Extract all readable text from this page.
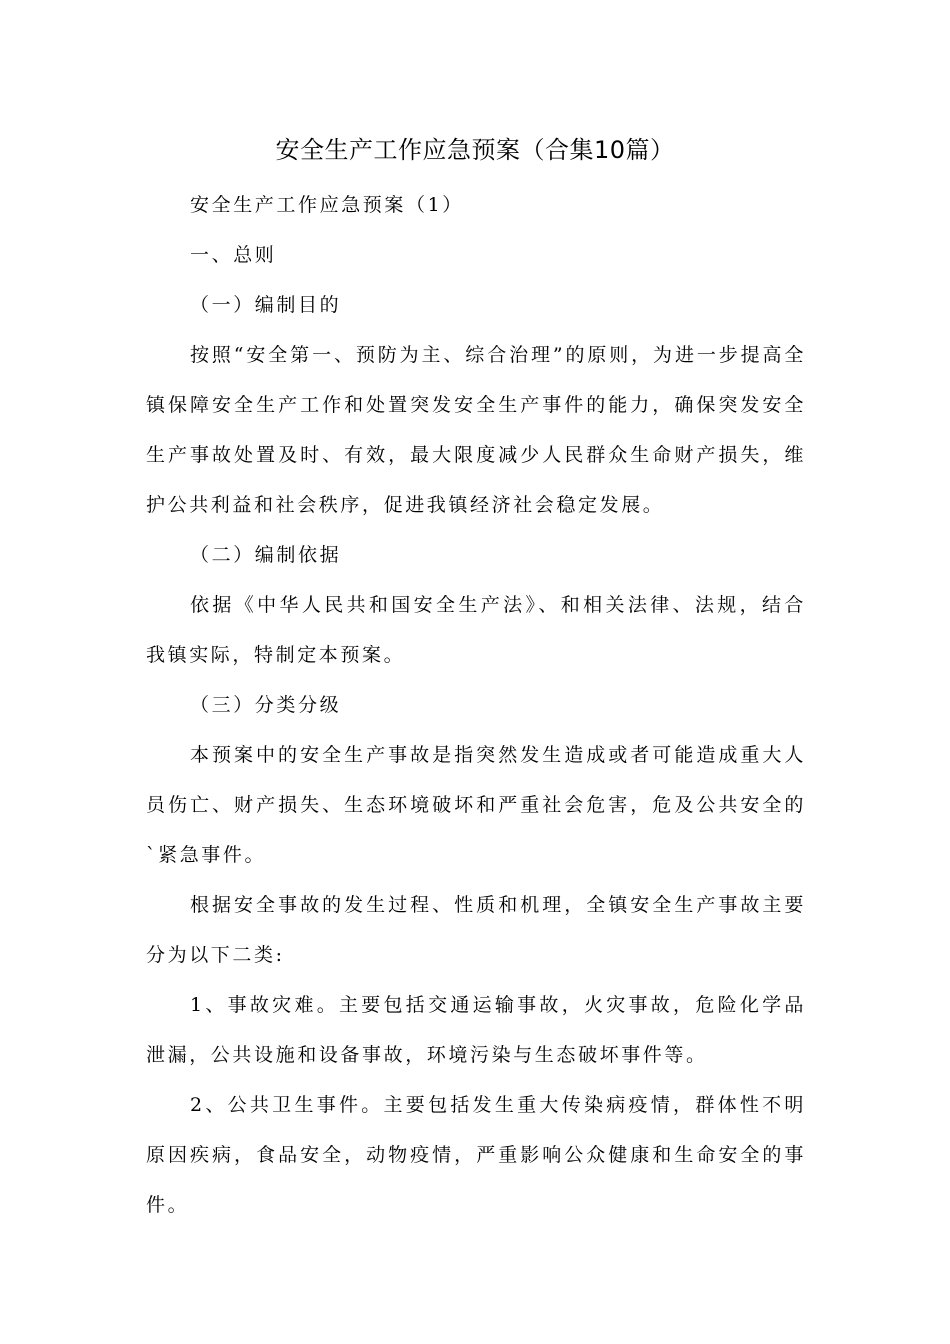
安全生产工作应急预案（合集10篇）

安全生产工作应急预案（1）

一、总则

（一）编制目的

按照“安全第一、预防为主、综合治理”的原则，为进一步提高全镇保障安全生产工作和处置突发安全生产事件的能力，确保突发安全生产事故处置及时、有效，最大限度减少人民群众生命财产损失，维护公共利益和社会秩序，促进我镇经济社会稳定发展。

（二）编制依据

依据《中华人民共和国安全生产法》、和相关法律、法规，结合我镇实际，特制定本预案。

（三）分类分级

本预案中的安全生产事故是指突然发生造成或者可能造成重大人员伤亡、财产损失、生态环境破坏和严重社会危害，危及公共安全的`紧急事件。

根据安全事故的发生过程、性质和机理，全镇安全生产事故主要分为以下二类:

1、事故灾难。主要包括交通运输事故，火灾事故，危险化学品泄漏，公共设施和设备事故，环境污染与生态破坏事件等。

2、公共卫生事件。主要包括发生重大传染病疫情，群体性不明原因疾病，食品安全，动物疫情，严重影响公众健康和生命安全的事件。
